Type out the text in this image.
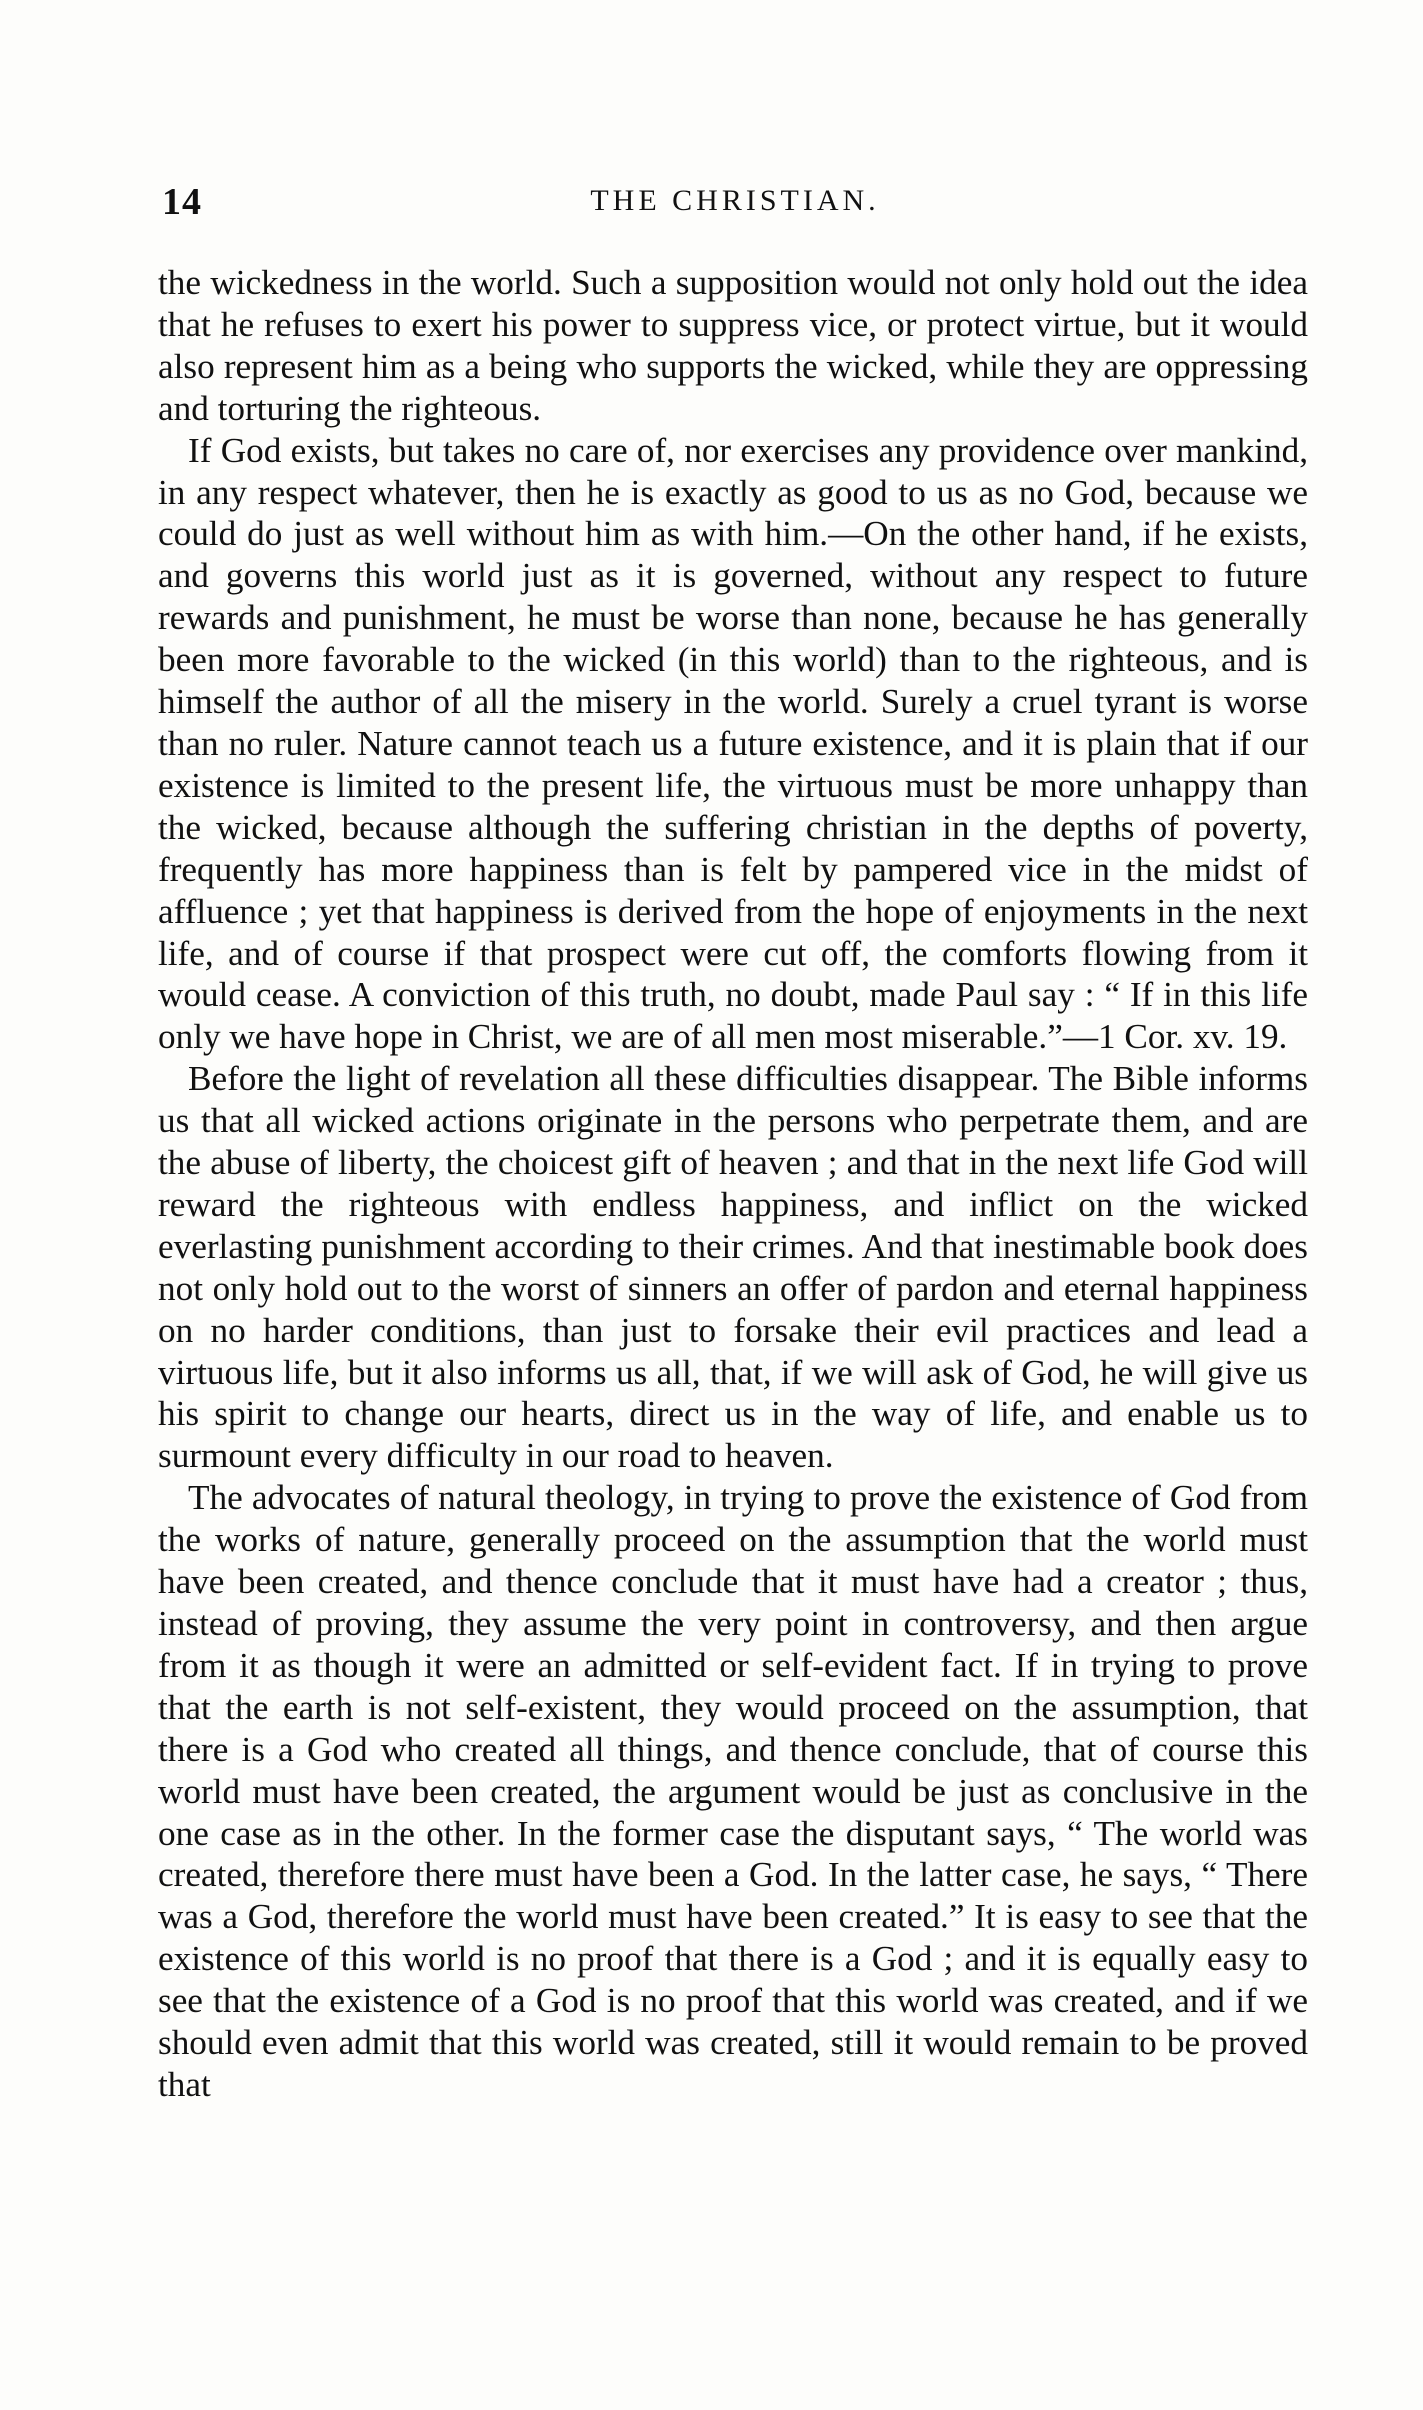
14	THE CHRISTIAN.

the wickedness in the world. Such a supposition would not only hold out the idea that he refuses to exert his power to suppress vice, or protect virtue, but it would also represent him as a being who supports the wicked, while they are oppressing and torturing the righteous.

If God exists, but takes no care of, nor exercises any providence over mankind, in any respect whatever, then he is exactly as good to us as no God, because we could do just as well without him as with him.—On the other hand, if he exists, and governs this world just as it is governed, without any respect to future rewards and punishment, he must be worse than none, because he has generally been more favorable to the wicked (in this world) than to the righteous, and is himself the author of all the misery in the world. Surely a cruel tyrant is worse than no ruler. Nature cannot teach us a future existence, and it is plain that if our existence is limited to the present life, the virtuous must be more unhappy than the wicked, because although the suffering christian in the depths of poverty, frequently has more happiness than is felt by pampered vice in the midst of affluence ; yet that happiness is derived from the hope of enjoyments in the next life, and of course if that prospect were cut off, the comforts flowing from it would cease. A conviction of this truth, no doubt, made Paul say : “ If in this life only we have hope in Christ, we are of all men most miserable.”—1 Cor. xv. 19.

Before the light of revelation all these difficulties disappear. The Bible informs us that all wicked actions originate in the persons who perpetrate them, and are the abuse of liberty, the choicest gift of heaven ; and that in the next life God will reward the righteous with endless happiness, and inflict on the wicked everlasting punishment according to their crimes. And that inestimable book does not only hold out to the worst of sinners an offer of pardon and eternal happiness on no harder conditions, than just to forsake their evil practices and lead a virtuous life, but it also informs us all, that, if we will ask of God, he will give us his spirit to change our hearts, direct us in the way of life, and enable us to surmount every difficulty in our road to heaven.

The advocates of natural theology, in trying to prove the existence of God from the works of nature, generally proceed on the assumption that the world must have been created, and thence conclude that it must have had a creator ; thus, instead of proving, they assume the very point in controversy, and then argue from it as though it were an admitted or self-evident fact. If in trying to prove that the earth is not self-existent, they would proceed on the assumption, that there is a God who created all things, and thence conclude, that of course this world must have been created, the argument would be just as conclusive in the one case as in the other. In the former case the disputant says, “ The world was created, therefore there must have been a God. In the latter case, he says, “ There was a God, therefore the world must have been created.” It is easy to see that the existence of this world is no proof that there is a God ; and it is equally easy to see that the existence of a God is no proof that this world was created, and if we should even admit that this world was created, still it would remain to be proved that
